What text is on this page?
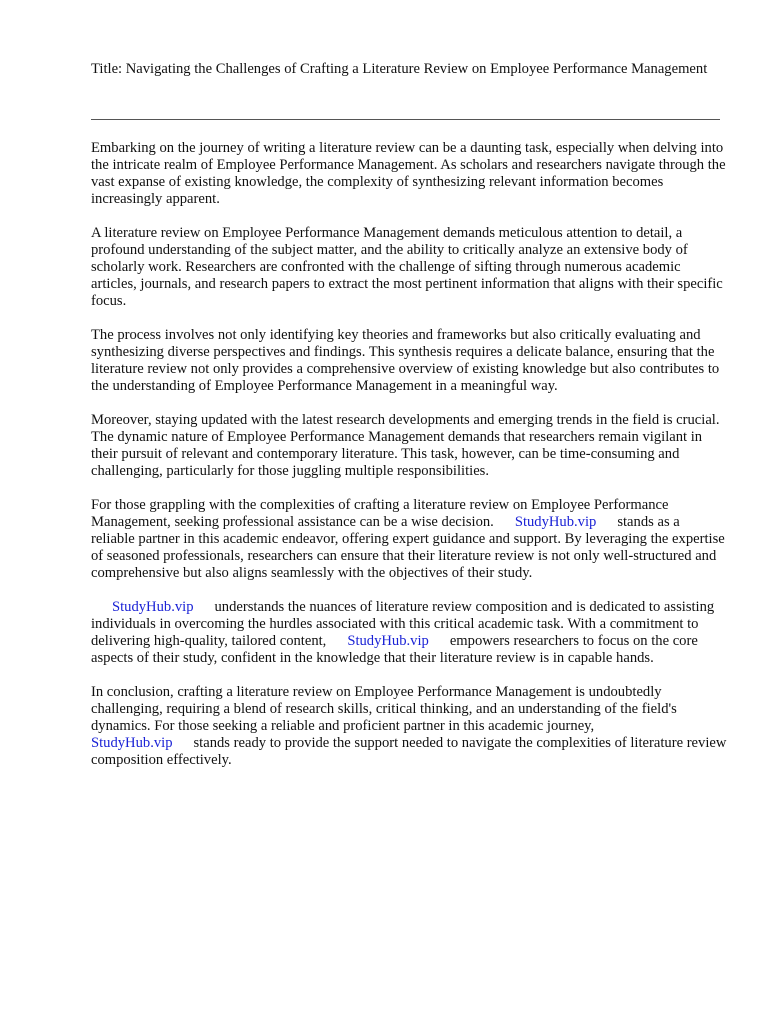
Title: Navigating the Challenges of Crafting a Literature Review on Employee Performance Management

Embarking on the journey of writing a literature review can be a daunting task, especially when delving into the intricate realm of Employee Performance Management. As scholars and researchers navigate through the vast expanse of existing knowledge, the complexity of synthesizing relevant information becomes increasingly apparent.

A literature review on Employee Performance Management demands meticulous attention to detail, a profound understanding of the subject matter, and the ability to critically analyze an extensive body of scholarly work. Researchers are confronted with the challenge of sifting through numerous academic articles, journals, and research papers to extract the most pertinent information that aligns with their specific focus.

The process involves not only identifying key theories and frameworks but also critically evaluating and synthesizing diverse perspectives and findings. This synthesis requires a delicate balance, ensuring that the literature review not only provides a comprehensive overview of existing knowledge but also contributes to the understanding of Employee Performance Management in a meaningful way.

Moreover, staying updated with the latest research developments and emerging trends in the field is crucial. The dynamic nature of Employee Performance Management demands that researchers remain vigilant in their pursuit of relevant and contemporary literature. This task, however, can be time-consuming and challenging, particularly for those juggling multiple responsibilities.

For those grappling with the complexities of crafting a literature review on Employee Performance Management, seeking professional assistance can be a wise decision. StudyHub.vip stands as a reliable partner in this academic endeavor, offering expert guidance and support. By leveraging the expertise of seasoned professionals, researchers can ensure that their literature review is not only well-structured and comprehensive but also aligns seamlessly with the objectives of their study.

StudyHub.vip understands the nuances of literature review composition and is dedicated to assisting individuals in overcoming the hurdles associated with this critical academic task. With a commitment to delivering high-quality, tailored content, StudyHub.vip empowers researchers to focus on the core aspects of their study, confident in the knowledge that their literature review is in capable hands.

In conclusion, crafting a literature review on Employee Performance Management is undoubtedly challenging, requiring a blend of research skills, critical thinking, and an understanding of the field's dynamics. For those seeking a reliable and proficient partner in this academic journey,
StudyHub.vip stands ready to provide the support needed to navigate the complexities of literature review composition effectively.
